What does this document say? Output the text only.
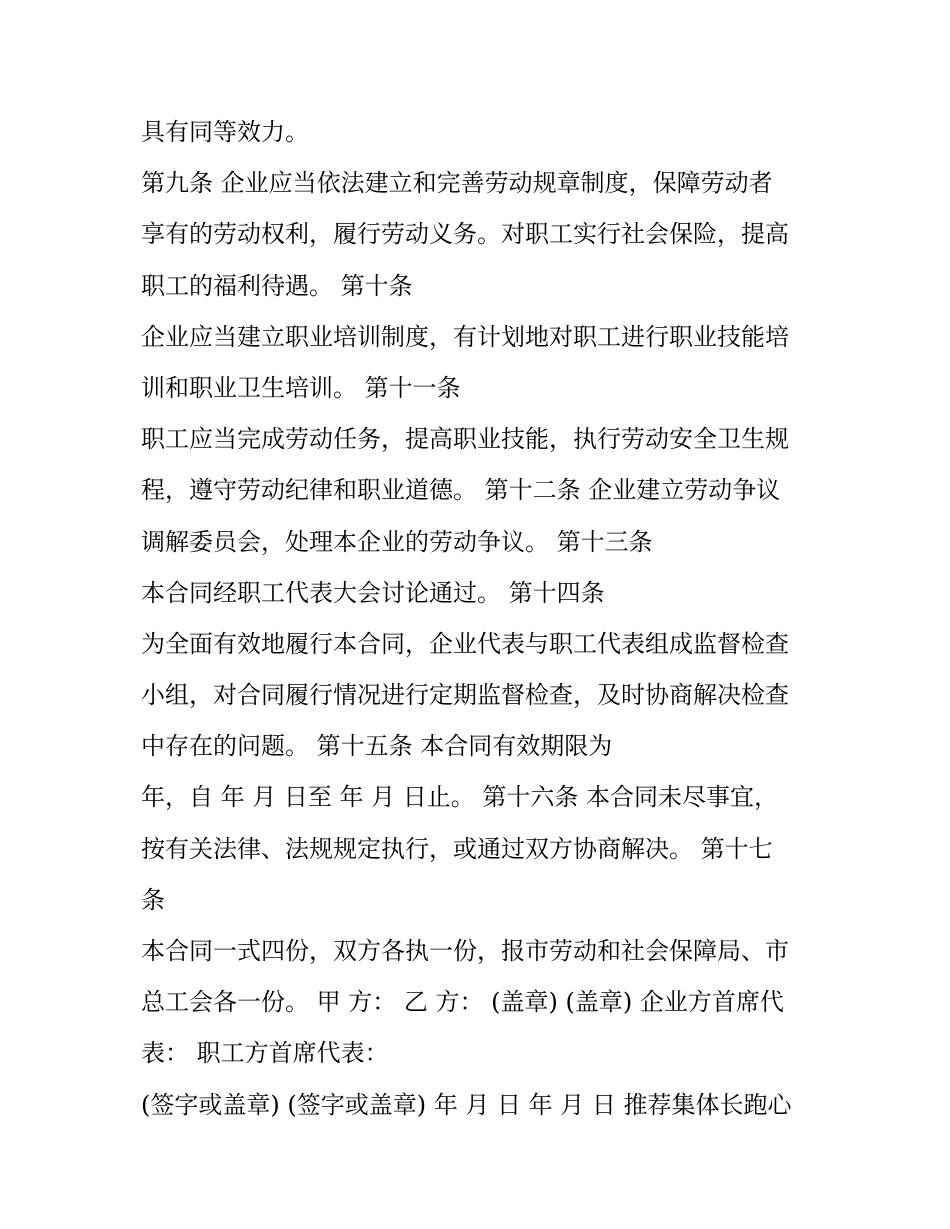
具有同等效力。
第九条 企业应当依法建立和完善劳动规章制度，保障劳动者
享有的劳动权利，履行劳动义务。对职工实行社会保险，提高
职工的福利待遇。 第十条
企业应当建立职业培训制度，有计划地对职工进行职业技能培
训和职业卫生培训。 第十一条
职工应当完成劳动任务，提高职业技能，执行劳动安全卫生规
程，遵守劳动纪律和职业道德。 第十二条 企业建立劳动争议
调解委员会，处理本企业的劳动争议。 第十三条
本合同经职工代表大会讨论通过。 第十四条
为全面有效地履行本合同，企业代表与职工代表组成监督检查
小组，对合同履行情况进行定期监督检查，及时协商解决检查
中存在的问题。 第十五条 本合同有效期限为
年，自 年 月 日至 年 月 日止。 第十六条 本合同未尽事宜，
按有关法律、法规规定执行，或通过双方协商解决。 第十七
条
本合同一式四份，双方各执一份，报市劳动和社会保障局、市
总工会各一份。 甲 方： 乙 方： (盖章) (盖章) 企业方首席代
表： 职工方首席代表：
(签字或盖章) (签字或盖章) 年 月 日 年 月 日 推荐集体长跑心
